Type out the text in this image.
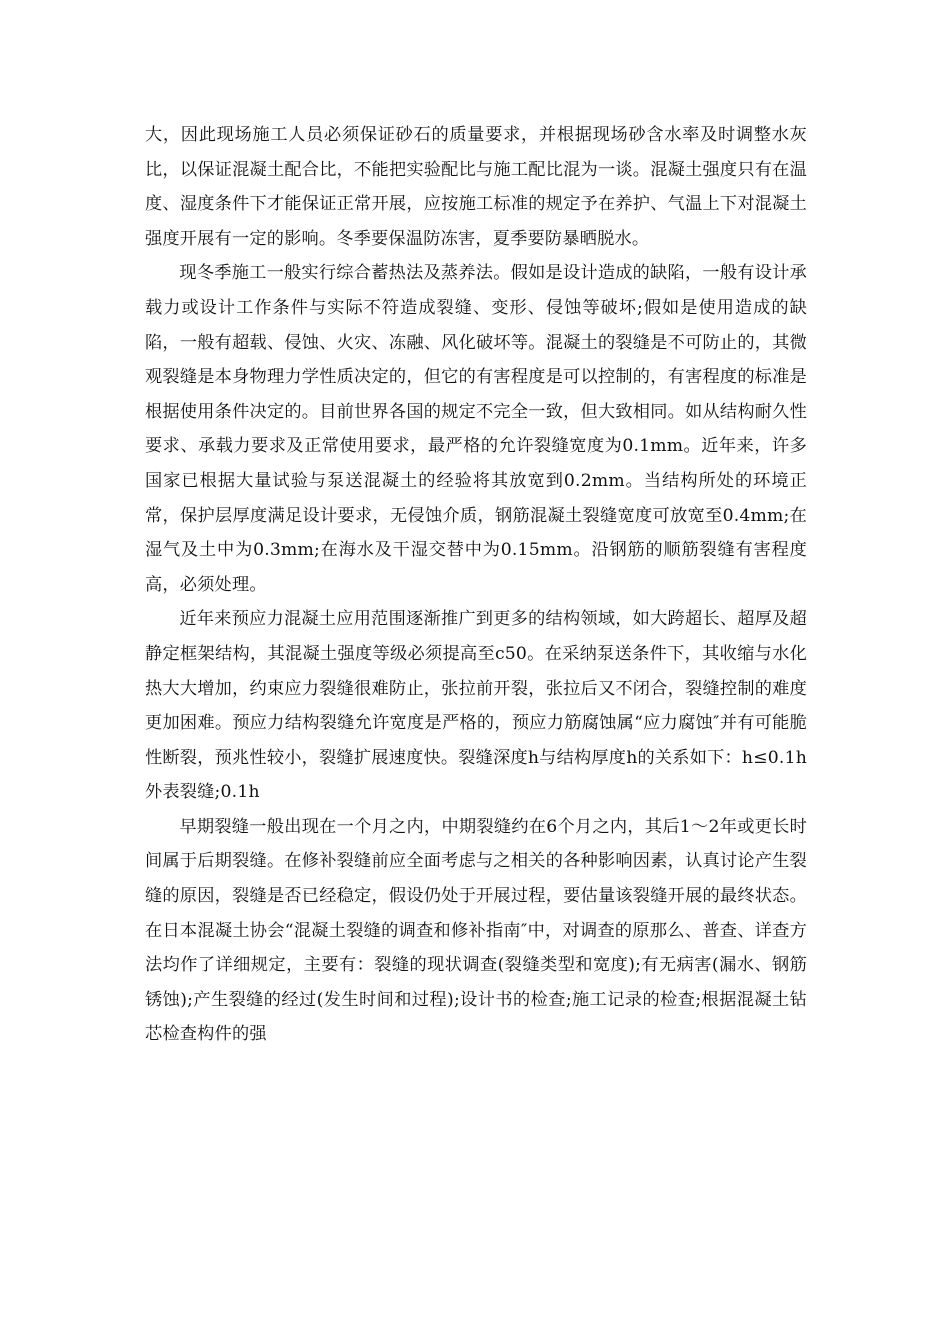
大，因此现场施工人员必须保证砂石的质量要求，并根据现场砂含水率及时调整水灰比，以保证混凝土配合比，不能把实验配比与施工配比混为一谈。混凝土强度只有在温度、湿度条件下才能保证正常开展，应按施工标准的规定予在养护、气温上下对混凝土强度开展有一定的影响。冬季要保温防冻害，夏季要防暴晒脱水。

现冬季施工一般实行综合蓄热法及蒸养法。假如是设计造成的缺陷，一般有设计承载力或设计工作条件与实际不符造成裂缝、变形、侵蚀等破坏;假如是使用造成的缺陷，一般有超载、侵蚀、火灾、冻融、风化破坏等。混凝土的裂缝是不可防止的，其微观裂缝是本身物理力学性质决定的，但它的有害程度是可以控制的，有害程度的标准是根据使用条件决定的。目前世界各国的规定不完全一致，但大致相同。如从结构耐久性要求、承载力要求及正常使用要求，最严格的允许裂缝宽度为0.1mm。近年来，许多国家已根据大量试验与泵送混凝土的经验将其放宽到0.2mm。当结构所处的环境正常，保护层厚度满足设计要求，无侵蚀介质，钢筋混凝土裂缝宽度可放宽至0.4mm;在湿气及土中为0.3mm;在海水及干湿交替中为0.15mm。沿钢筋的顺筋裂缝有害程度高，必须处理。

近年来预应力混凝土应用范围逐渐推广到更多的结构领域，如大跨超长、超厚及超静定框架结构，其混凝土强度等级必须提高至c50。在采纳泵送条件下，其收缩与水化热大大增加，约束应力裂缝很难防止，张拉前开裂，张拉后又不闭合，裂缝控制的难度更加困难。预应力结构裂缝允许宽度是严格的，预应力筋腐蚀属“应力腐蚀″并有可能脆性断裂，预兆性较小，裂缝扩展速度快。裂缝深度h与结构厚度h的关系如下：h≤0.1h外表裂缝;0.1h

早期裂缝一般出现在一个月之内，中期裂缝约在6个月之内，其后1～2年或更长时间属于后期裂缝。在修补裂缝前应全面考虑与之相关的各种影响因素，认真讨论产生裂缝的原因，裂缝是否已经稳定，假设仍处于开展过程，要估量该裂缝开展的最终状态。在日本混凝土协会“混凝土裂缝的调查和修补指南″中，对调查的原那么、普查、详查方法均作了详细规定，主要有：裂缝的现状调查(裂缝类型和宽度);有无病害(漏水、钢筋锈蚀);产生裂缝的经过(发生时间和过程);设计书的检查;施工记录的检查;根据混凝土钻芯检查构件的强
